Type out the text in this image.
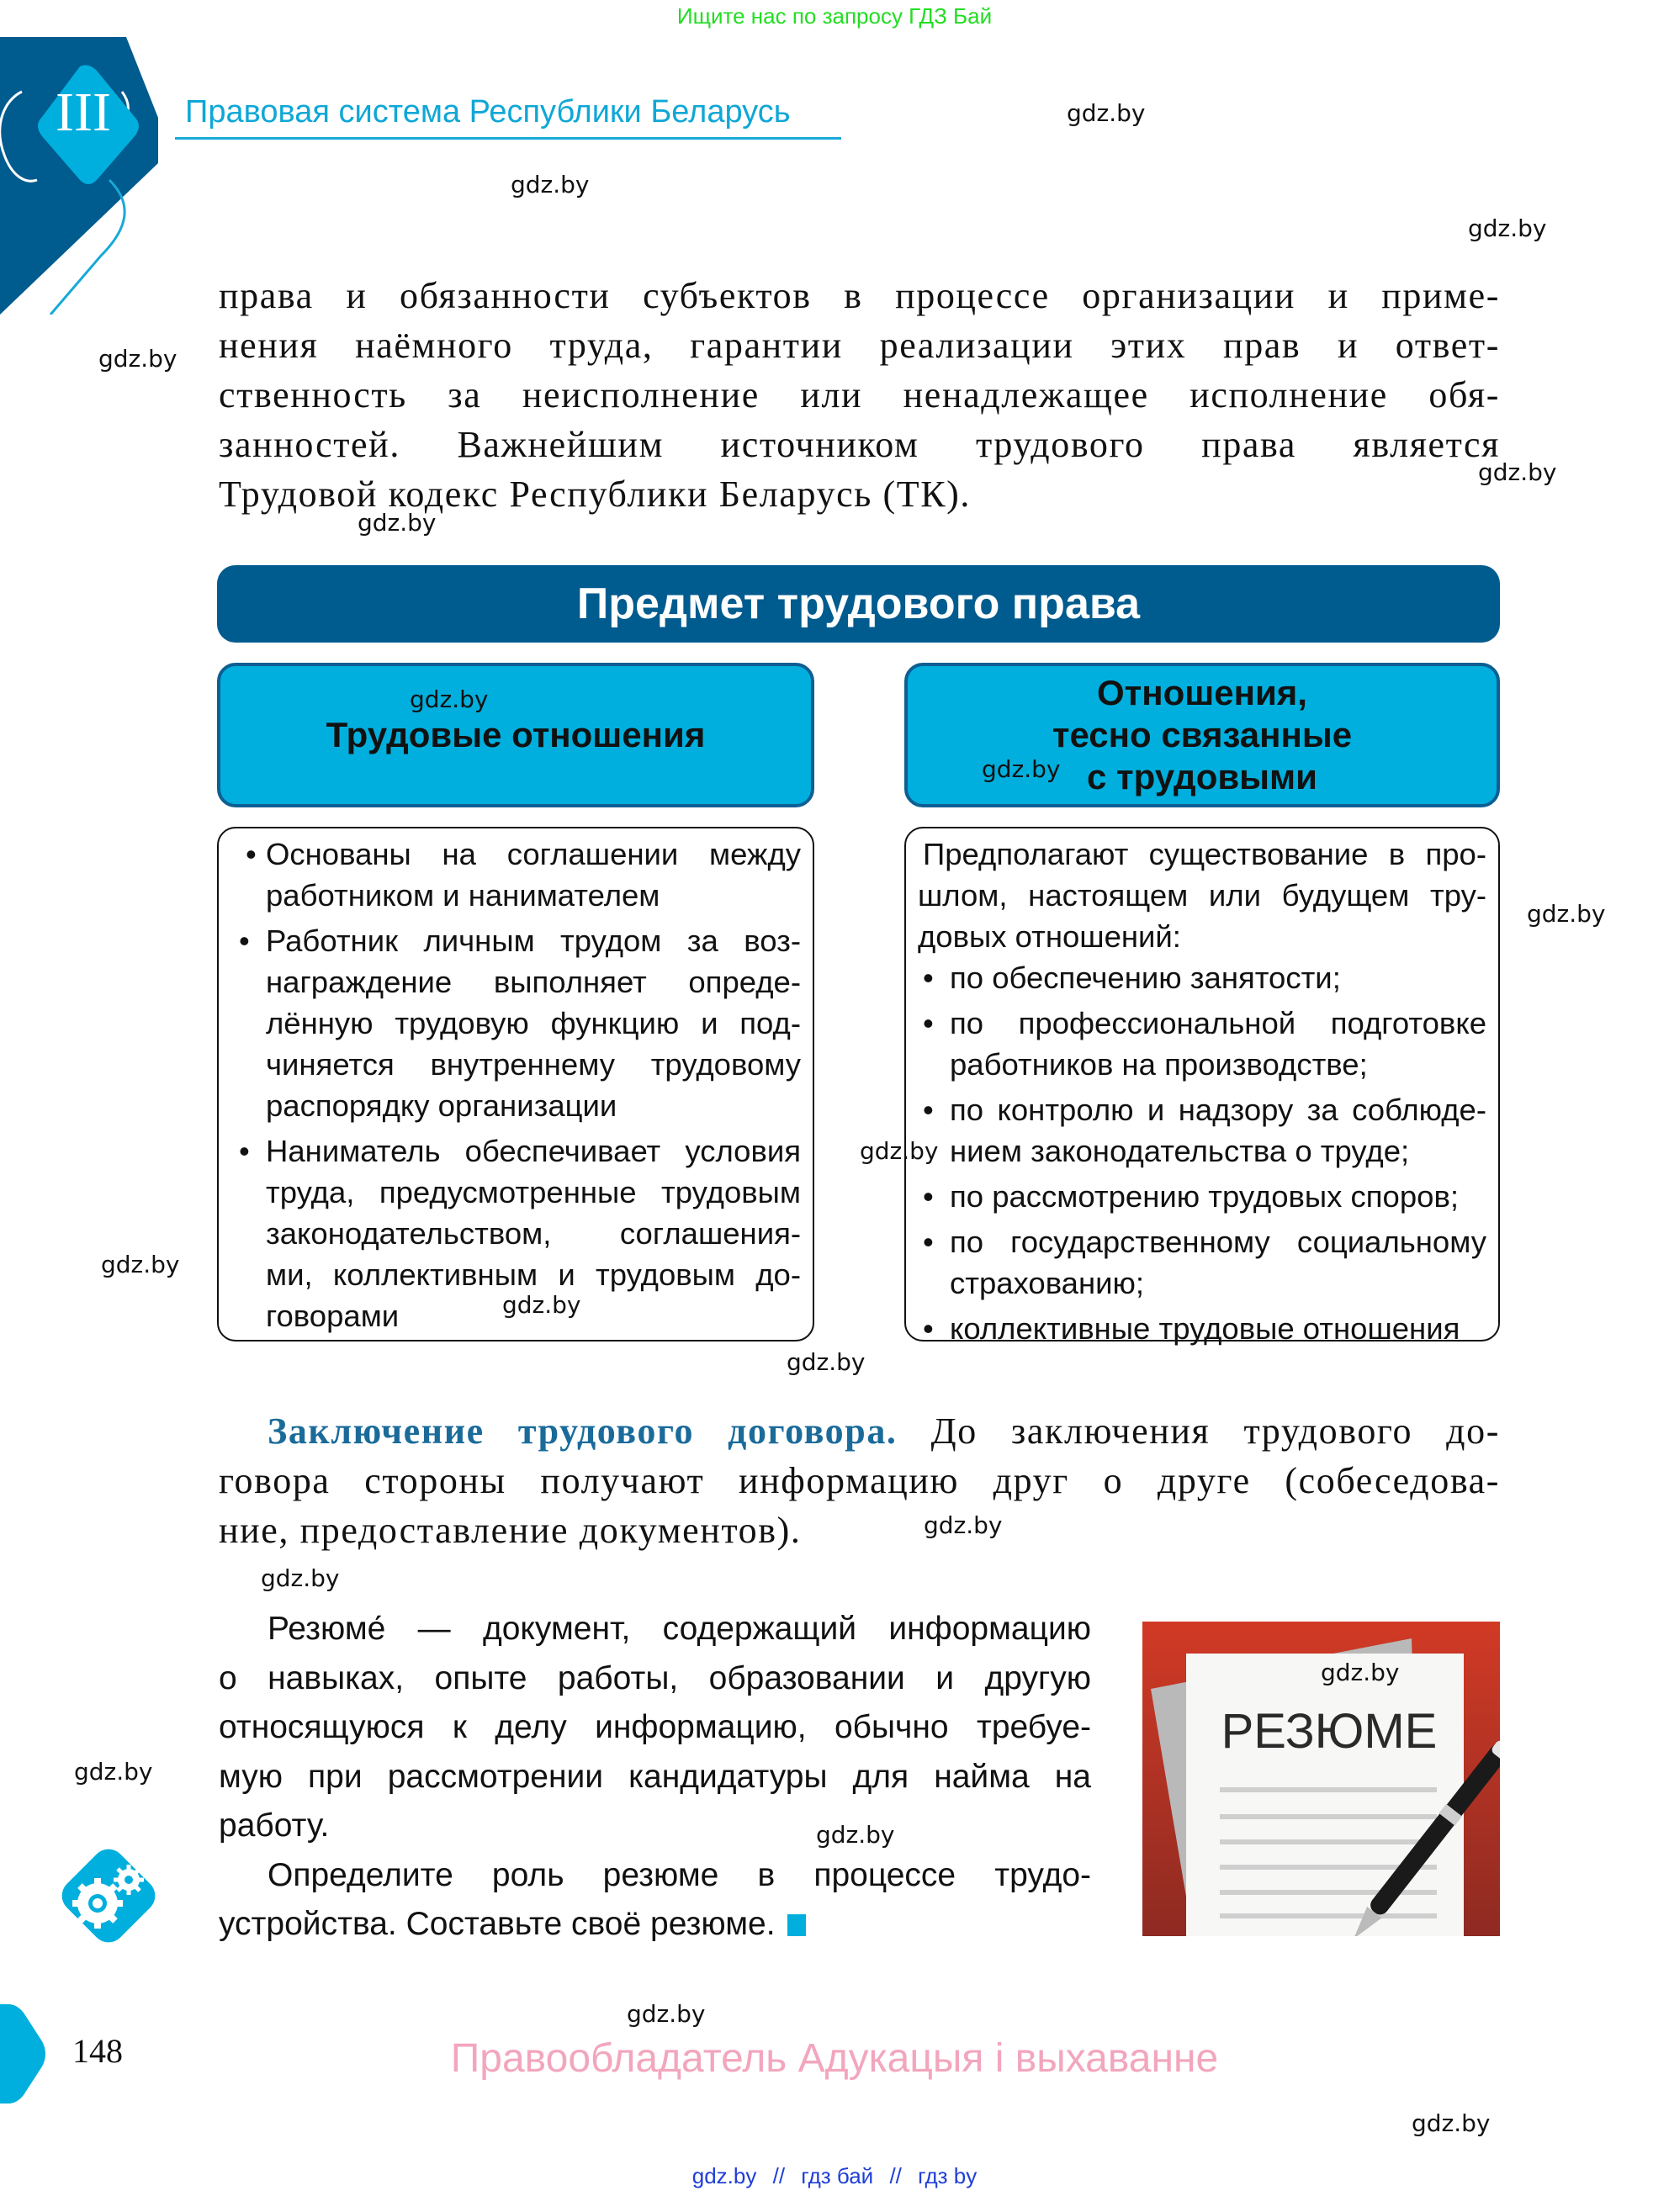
Ищите нас по запросу ГДЗ Бай
III	Правовая система Республики Беларусь
права и обязанности субъектов в процессе организации и приме-
нения наёмного труда, гарантии реализации этих прав и ответ-
ственность за неисполнение или ненадлежащее исполнение обя-
занностей. Важнейшим источником трудового права является
Трудовой кодекс Республики Беларусь (ТК).
Предмет трудового права
Трудовые отношения
Отношения,
тесно связанные
с трудовыми
• Основаны на соглашении между
работником и нанимателем
• Работник личным трудом за воз-
награждение выполняет опреде-
лённую трудовую функцию и под-
чиняется внутреннему трудовому
распорядку организации
• Наниматель обеспечивает условия
труда, предусмотренные трудовым
законодательством, соглашения-
ми, коллективным и трудовым до-
говорами
Предполагают существование в про-
шлом, настоящем или будущем тру-
довых отношений:
• по обеспечению занятости;
• по профессиональной подготовке
работников на производстве;
• по контролю и надзору за соблюде-
нием законодательства о труде;
• по рассмотрению трудовых споров;
• по государственному социальному
страхованию;
• коллективные трудовые отношения
Заключение трудового договора. До заключения трудового до-
говора стороны получают информацию друг о друге (собеседова-
ние, предоставление документов).
Резюме́ — документ, содержащий информацию
о навыках, опыте работы, образовании и другую
относящуюся к делу информацию, обычно требуе-
мую при рассмотрении кандидатуры для найма на
работу.
Определите роль резюме в процессе трудо-
устройства. Составьте своё резюме.
РЕЗЮМЕ
148	Правообладатель Адукацыя і выхаванне
gdz.by // гдз бай // гдз by
gdz.by
gdz.by
gdz.by
gdz.by
gdz.by
gdz.by
gdz.by
gdz.by
gdz.by
gdz.by
gdz.by
gdz.by
gdz.by
gdz.by
gdz.by
gdz.by
gdz.by
gdz.by
gdz.by
gdz.by
